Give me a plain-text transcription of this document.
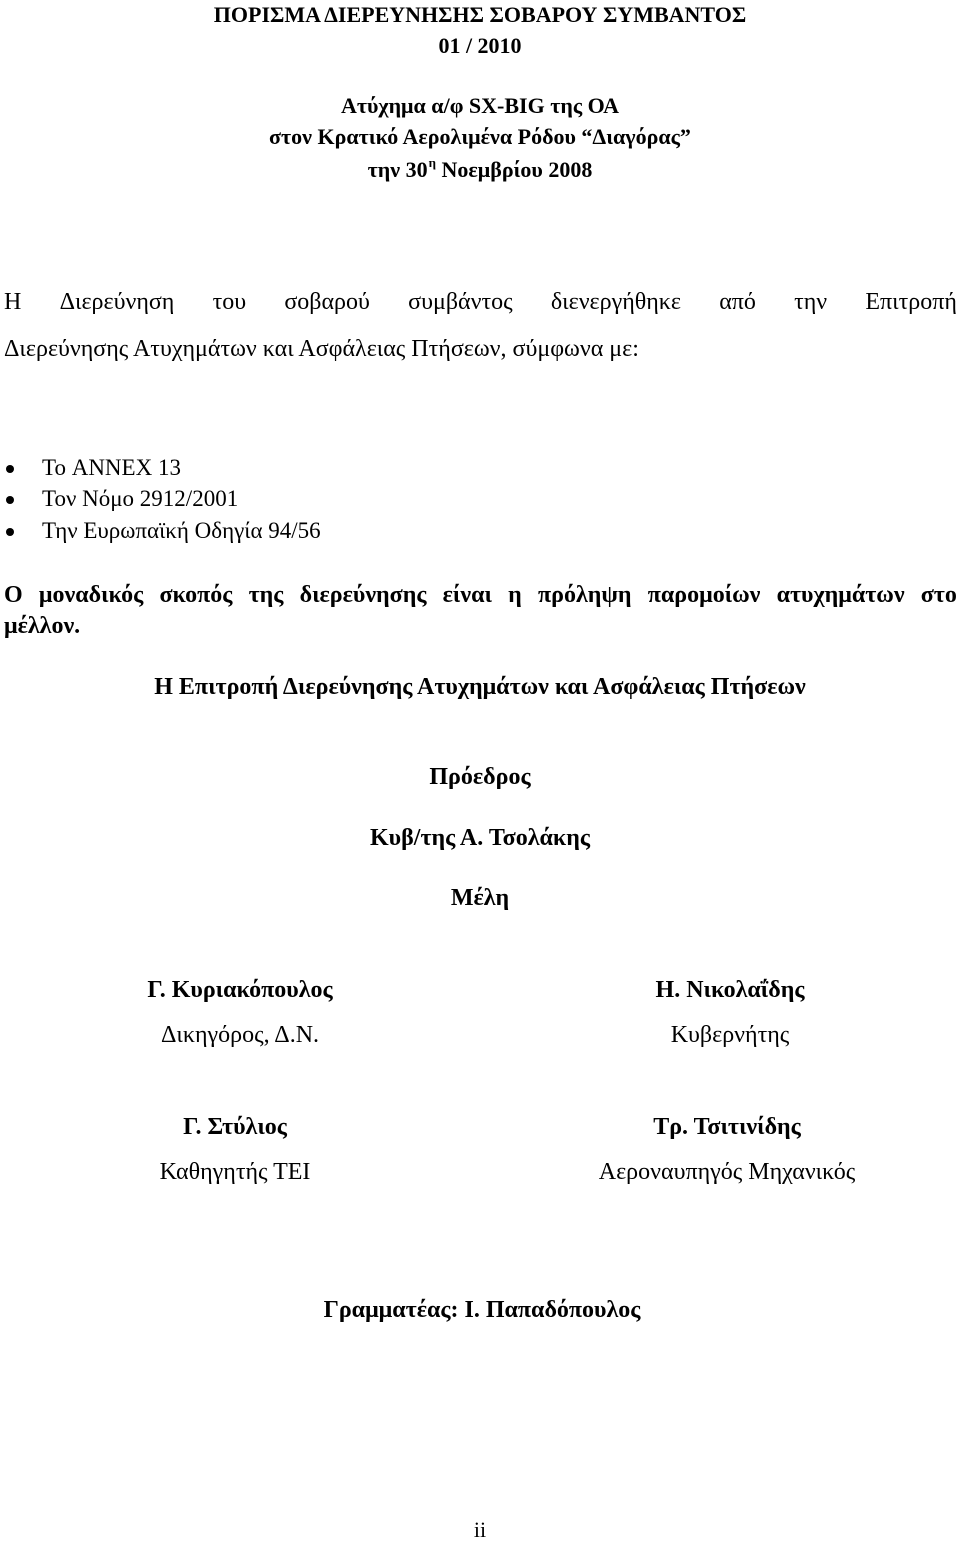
ΠΟΡΙΣΜΑ ΔΙΕΡΕΥΝΗΣΗΣ ΣΟΒΑΡΟΥ ΣΥΜΒΑΝΤΟΣ
01 / 2010
Ατύχημα α/φ SX-BIG της ΟΑ
στον Κρατικό Αερολιμένα Ρόδου “Διαγόρας”
την $30^\eta$ Νοεμβρίου 2008
Η Διερεύνηση του σοβαρού συμβάντος διενεργήθηκε από την Επιτροπή
Διερεύνησης Ατυχημάτων και Ασφάλειας Πτήσεων, σύμφωνα με:
Το ANNEX 13
Τον Νόμο 2912/2001
Την Ευρωπαϊκή Οδηγία 94/56
Ο μοναδικός σκοπός της διερεύνησης είναι η πρόληψη παρομοίων ατυχημάτων στο
μέλλον.
Η Επιτροπή Διερεύνησης Ατυχημάτων και Ασφάλειας Πτήσεων
Πρόεδρος
Κυβ/της Α. Τσολάκης
Μέλη
Γ. Κυριακόπουλος
Δικηγόρος, Δ.Ν.
Η. Νικολαΐδης
Κυβερνήτης
Γ. Στύλιος
Καθηγητής ΤΕΙ
Τρ. Τσιτινίδης
Αεροναυπηγός Μηχανικός
Γραμματέας: Ι. Παπαδόπουλος
ii
